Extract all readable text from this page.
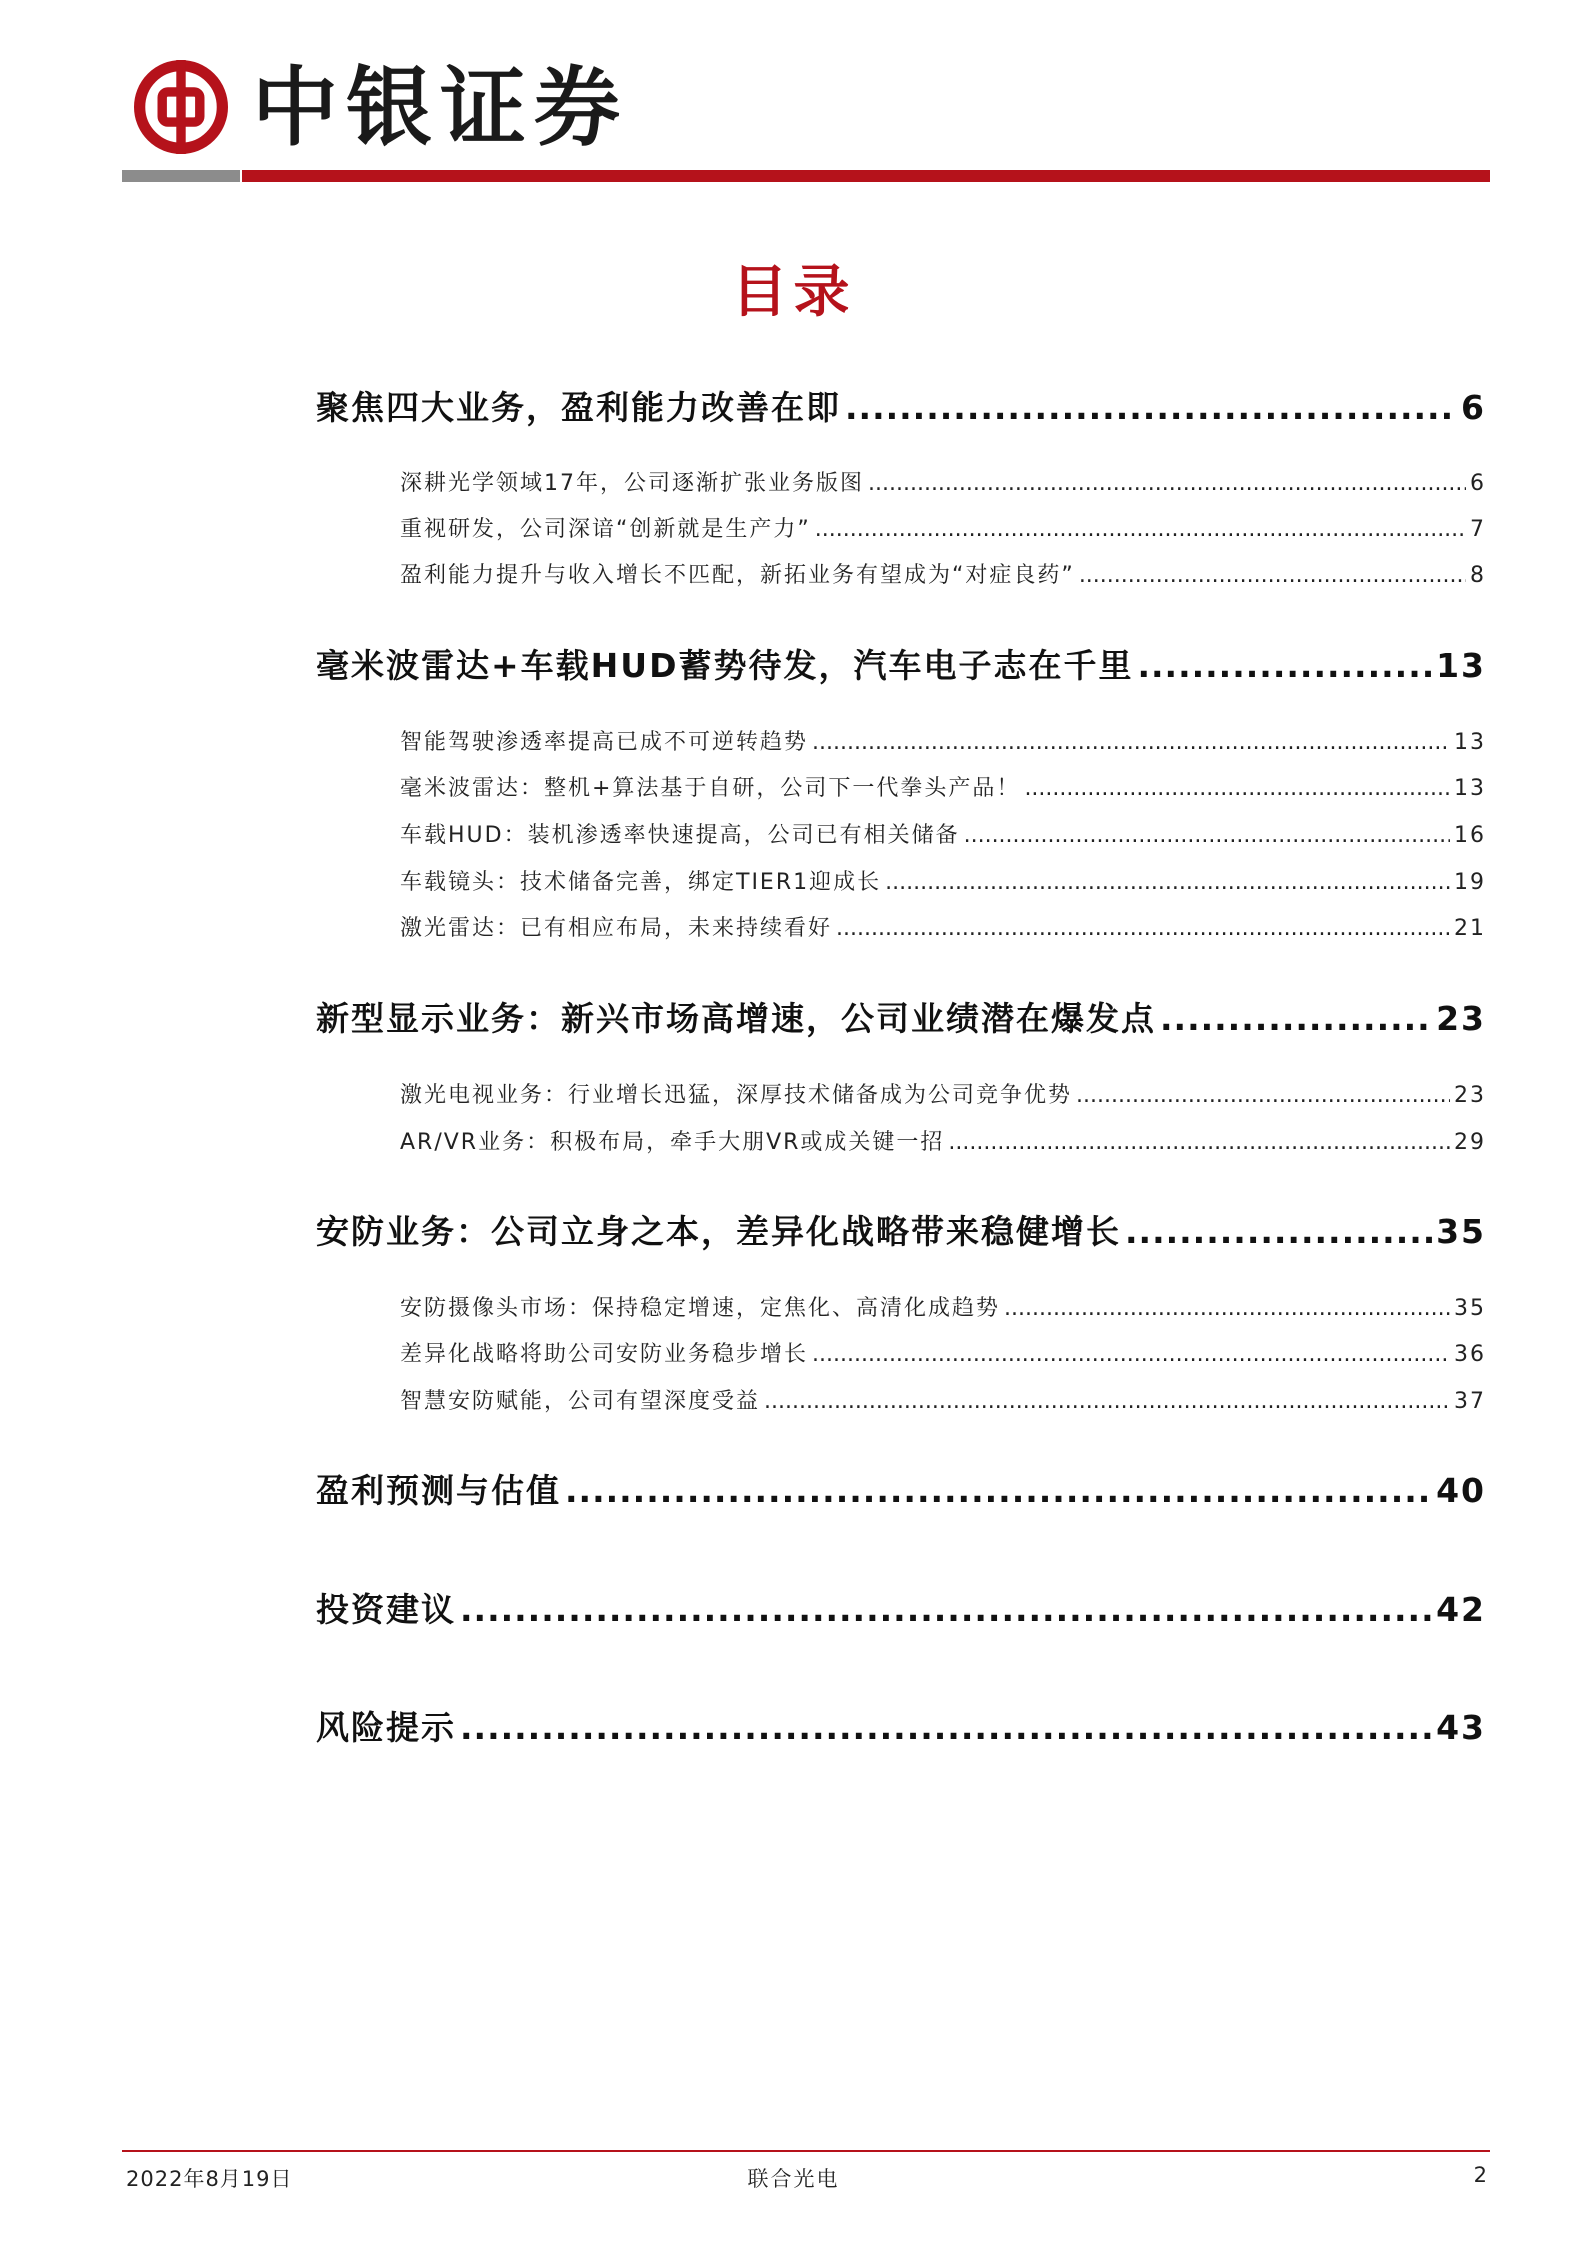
中银证券
目录
聚焦四大业务，盈利能力改善在即 .....	6
深耕光学领域17年，公司逐渐扩张业务版图 .....	6
重视研发，公司深谙“创新就是生产力” .....	7
盈利能力提升与收入增长不匹配，新拓业务有望成为“对症良药” .....	8
毫米波雷达+车载HUD蓄势待发，汽车电子志在千里 .....	13
智能驾驶渗透率提高已成不可逆转趋势 .....	13
毫米波雷达：整机+算法基于自研，公司下一代拳头产品！ .....	13
车载HUD：装机渗透率快速提高，公司已有相关储备 .....	16
车载镜头：技术储备完善，绑定TIER1迎成长 .....	19
激光雷达：已有相应布局，未来持续看好 .....	21
新型显示业务：新兴市场高增速，公司业绩潜在爆发点 .....	23
激光电视业务：行业增长迅猛，深厚技术储备成为公司竞争优势 .....	23
AR/VR业务：积极布局，牵手大朋VR或成关键一招 .....	29
安防业务：公司立身之本，差异化战略带来稳健增长 .....	35
安防摄像头市场：保持稳定增速，定焦化、高清化成趋势 .....	35
差异化战略将助公司安防业务稳步增长 .....	36
智慧安防赋能，公司有望深度受益 .....	37
盈利预测与估值 .....	40
投资建议 .....	42
风险提示 .....	43
2022年8月19日	联合光电	2
